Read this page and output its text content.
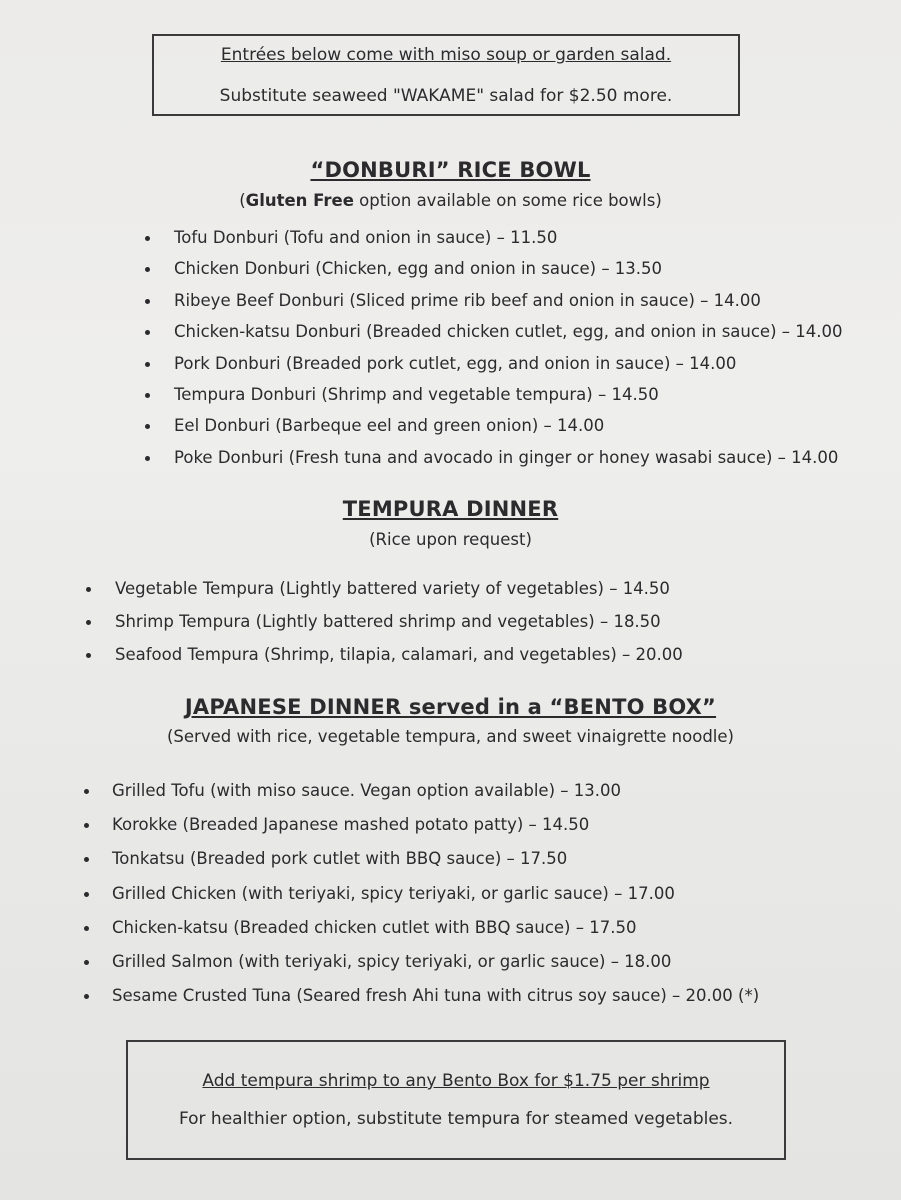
Entrées below come with miso soup or garden salad.
Substitute seaweed "WAKAME" salad for $2.50 more.
“DONBURI” RICE BOWL
(Gluten Free option available on some rice bowls)
Tofu Donburi (Tofu and onion in sauce) – 11.50
Chicken Donburi (Chicken, egg and onion in sauce) – 13.50
Ribeye Beef Donburi (Sliced prime rib beef and onion in sauce) – 14.00
Chicken-katsu Donburi (Breaded chicken cutlet, egg, and onion in sauce) – 14.00
Pork Donburi (Breaded pork cutlet, egg, and onion in sauce) – 14.00
Tempura Donburi (Shrimp and vegetable tempura) – 14.50
Eel Donburi (Barbeque eel and green onion) – 14.00
Poke Donburi (Fresh tuna and avocado in ginger or honey wasabi sauce) – 14.00
TEMPURA DINNER
(Rice upon request)
Vegetable Tempura (Lightly battered variety of vegetables) – 14.50
Shrimp Tempura (Lightly battered shrimp and vegetables) – 18.50
Seafood Tempura (Shrimp, tilapia, calamari, and vegetables) – 20.00
JAPANESE DINNER served in a “BENTO BOX”
(Served with rice, vegetable tempura, and sweet vinaigrette noodle)
Grilled Tofu (with miso sauce. Vegan option available) – 13.00
Korokke (Breaded Japanese mashed potato patty) – 14.50
Tonkatsu (Breaded pork cutlet with BBQ sauce) – 17.50
Grilled Chicken (with teriyaki, spicy teriyaki, or garlic sauce) – 17.00
Chicken-katsu (Breaded chicken cutlet with BBQ sauce) – 17.50
Grilled Salmon (with teriyaki, spicy teriyaki, or garlic sauce) – 18.00
Sesame Crusted Tuna (Seared fresh Ahi tuna with citrus soy sauce) – 20.00 (*)
Add tempura shrimp to any Bento Box for $1.75 per shrimp
For healthier option, substitute tempura for steamed vegetables.
